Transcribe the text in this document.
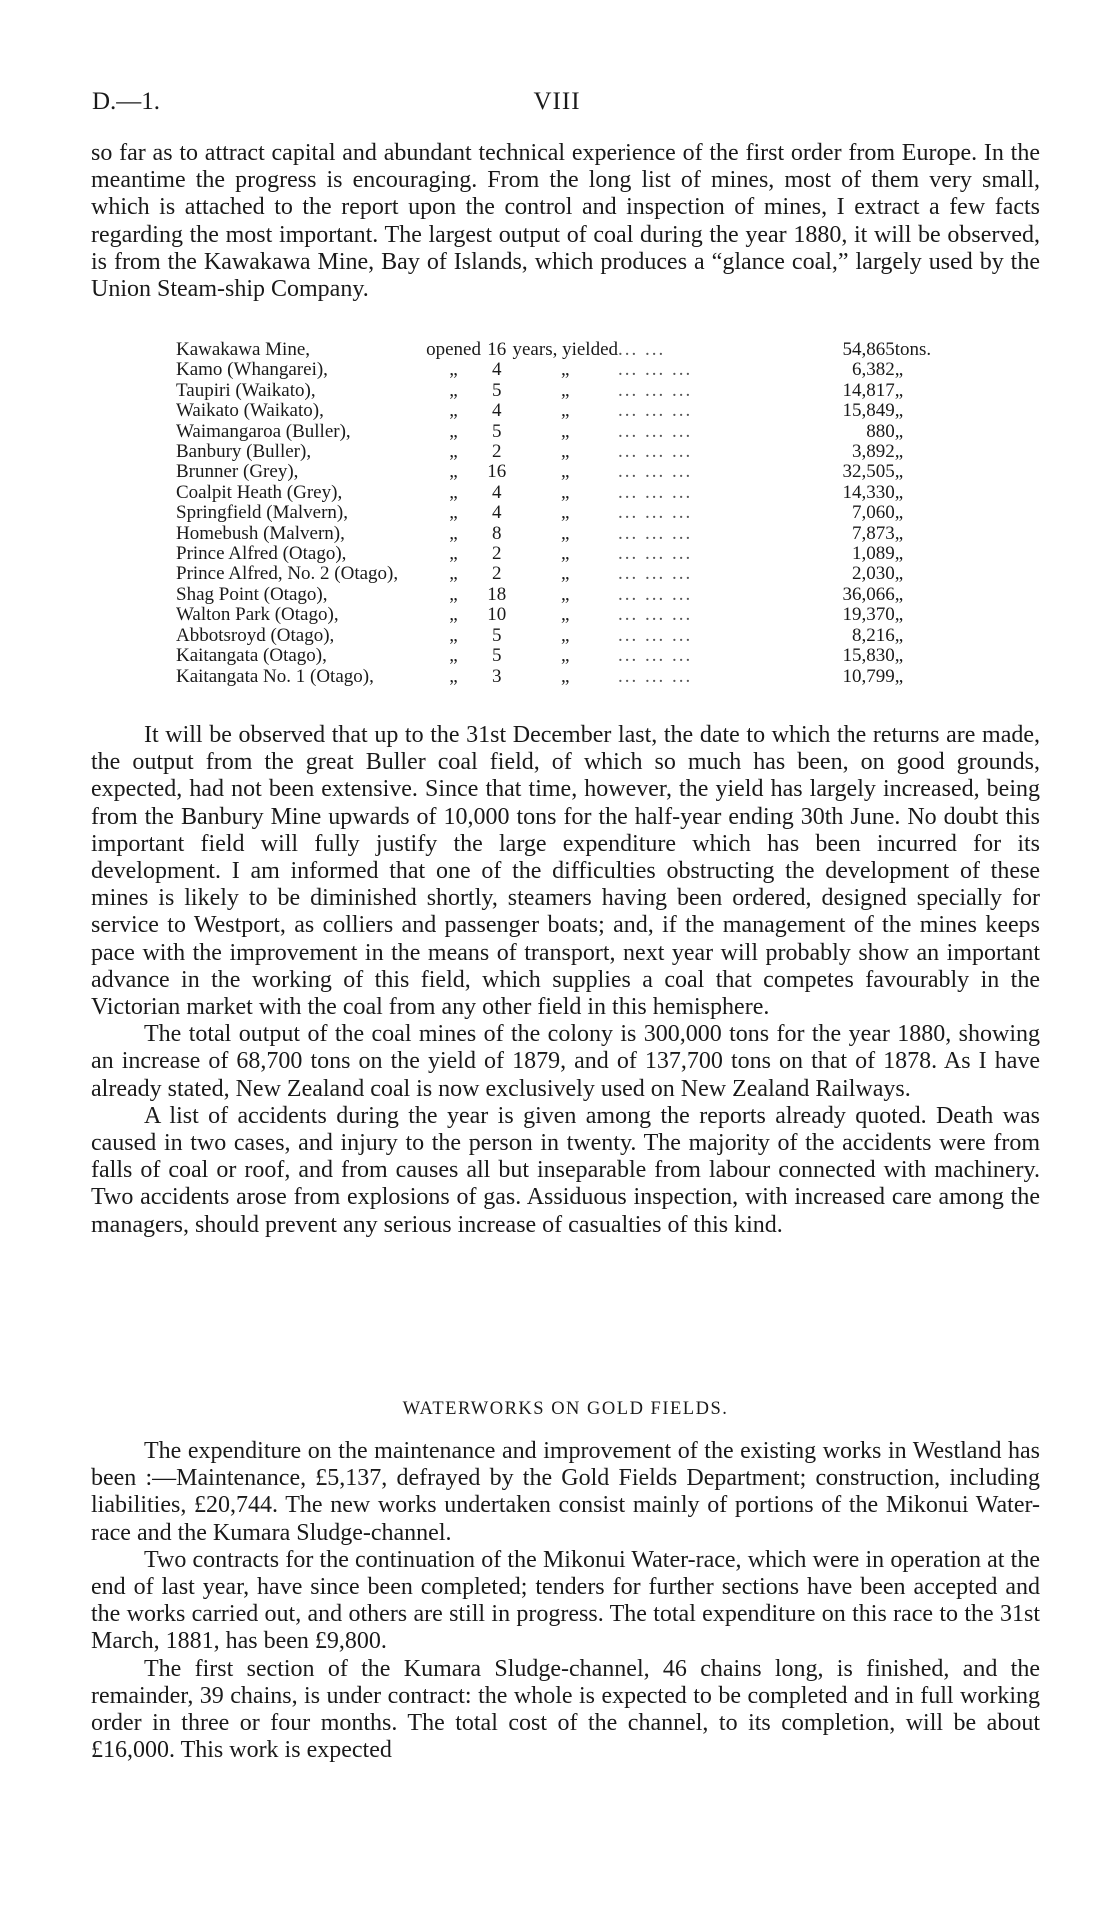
D.—1.	VIII

so far as to attract capital and abundant technical experience of the first order from Europe. In the meantime the progress is encouraging. From the long list of mines, most of them very small, which is attached to the report upon the control and inspection of mines, I extract a few facts regarding the most important. The largest output of coal during the year 1880, it will be observed, is from the Kawakawa Mine, Bay of Islands, which produces a “glance coal,” largely used by the Union Steam-ship Company.

Kawakawa Mine,	opened	16	years, yielded	... ...	54,865	tons.
Kamo (Whangarei),	„	4	„	... ... ...	6,382	„
Taupiri (Waikato),	„	5	„	... ... ...	14,817	„
Waikato (Waikato),	„	4	„	... ... ...	15,849	„
Waimangaroa (Buller),	„	5	„	... ... ...	880	„
Banbury (Buller),	„	2	„	... ... ...	3,892	„
Brunner (Grey),	„	16	„	... ... ...	32,505	„
Coalpit Heath (Grey),	„	4	„	... ... ...	14,330	„
Springfield (Malvern),	„	4	„	... ... ...	7,060	„
Homebush (Malvern),	„	8	„	... ... ...	7,873	„
Prince Alfred (Otago),	„	2	„	... ... ...	1,089	„
Prince Alfred, No. 2 (Otago),	„	2	„	... ... ...	2,030	„
Shag Point (Otago),	„	18	„	... ... ...	36,066	„
Walton Park (Otago),	„	10	„	... ... ...	19,370	„
Abbotsroyd (Otago),	„	5	„	... ... ...	8,216	„
Kaitangata (Otago),	„	5	„	... ... ...	15,830	„
Kaitangata No. 1 (Otago),	„	3	„	... ... ...	10,799	„

It will be observed that up to the 31st December last, the date to which the returns are made, the output from the great Buller coal field, of which so much has been, on good grounds, expected, had not been extensive. Since that time, however, the yield has largely increased, being from the Banbury Mine upwards of 10,000 tons for the half-year ending 30th June. No doubt this important field will fully justify the large expenditure which has been incurred for its development. I am informed that one of the difficulties obstructing the development of these mines is likely to be diminished shortly, steamers having been ordered, designed specially for service to Westport, as colliers and passenger boats; and, if the management of the mines keeps pace with the improvement in the means of transport, next year will probably show an important advance in the working of this field, which supplies a coal that competes favourably in the Victorian market with the coal from any other field in this hemisphere.

The total output of the coal mines of the colony is 300,000 tons for the year 1880, showing an increase of 68,700 tons on the yield of 1879, and of 137,700 tons on that of 1878. As I have already stated, New Zealand coal is now exclusively used on New Zealand Railways.

A list of accidents during the year is given among the reports already quoted. Death was caused in two cases, and injury to the person in twenty. The majority of the accidents were from falls of coal or roof, and from causes all but inseparable from labour connected with machinery. Two accidents arose from explosions of gas. Assiduous inspection, with increased care among the managers, should prevent any serious increase of casualties of this kind.

WATERWORKS ON GOLD FIELDS.

The expenditure on the maintenance and improvement of the existing works in Westland has been :—Maintenance, £5,137, defrayed by the Gold Fields Department; construction, including liabilities, £20,744. The new works undertaken consist mainly of portions of the Mikonui Water-race and the Kumara Sludge-channel.

Two contracts for the continuation of the Mikonui Water-race, which were in operation at the end of last year, have since been completed; tenders for further sections have been accepted and the works carried out, and others are still in progress. The total expenditure on this race to the 31st March, 1881, has been £9,800.

The first section of the Kumara Sludge-channel, 46 chains long, is finished, and the remainder, 39 chains, is under contract: the whole is expected to be completed and in full working order in three or four months. The total cost of the channel, to its completion, will be about £16,000. This work is expected
